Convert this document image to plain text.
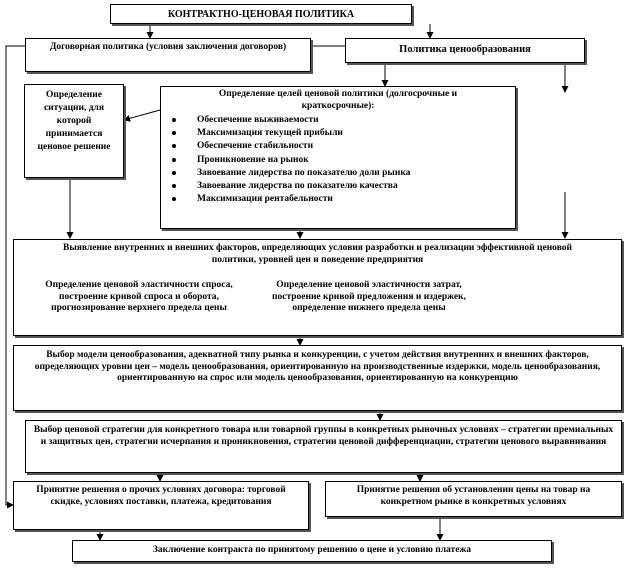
КОНТРАКТНО-ЦЕНОВАЯ ПОЛИТИКА
Договорная политика (условия заключения договоров)	Политика ценообразования
Определение ситуации, для которой принимается ценовое решение
Определение целей ценовой политики (долгосрочные и краткосрочные):
Обеспечение выживаемости
Максимизация текущей прибыли
Обеспечение стабильности
Проникновение на рынок
Завоевание лидерства по показателю доли рынка
Завоевание лидерства по показателю качества
Максимизация рентабельности
Выявление внутренних и внешних факторов, определяющих условия разработки и реализации эффективной ценовой политики, уровней цен и поведение предприятия
Определение ценовой эластичности спроса, построение кривой спроса и оборота, прогнозирование верхнего предела цены
Определение ценовой эластичности затрат, построение кривой предложения и издержек, определение нижнего предела цены
Выбор модели ценообразования, адекватной типу рынка и конкуренции, с учетом действия внутренних и внешних факторов, определяющих уровни цен – модель ценообразования, ориентированную на производственные издержки, модель ценообразования, ориентированную на спрос или модель ценообразования, ориентированную на конкуренцию
Выбор ценовой стратегии для конкретного товара или товарной группы в конкретных рыночных условиях – стратегии премиальных и защитных цен, стратегии исчерпания и проникновения, стратегии ценовой дифференциации, стратегии ценового выравнивания
Принятие решения о прочих условиях договора: торговой скидке, условиях поставки, платежа, кредитования
Принятие решения об установлении цены на товар на конкретном рынке в конкретных условиях
Заключение контракта по принятому решению о цене и условию платежа
